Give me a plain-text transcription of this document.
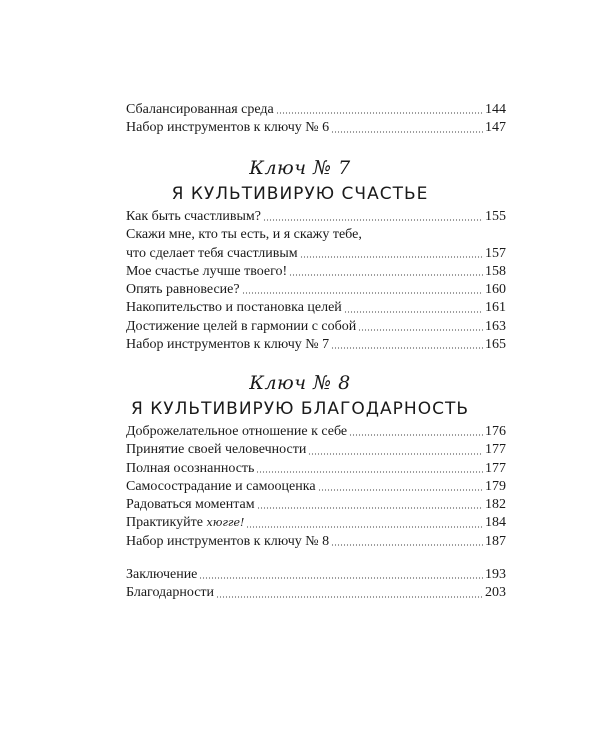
Сбалансированная среда	144
Набор инструментов к ключу № 6	147
Ключ № 7
Я КУЛЬТИВИРУЮ СЧАСТЬЕ
Как быть счастливым?	155
Скажи мне, кто ты есть, и я скажу тебе,
что сделает тебя счастливым	157
Мое счастье лучше твоего!	158
Опять равновесие?	160
Накопительство и постановка целей	161
Достижение целей в гармонии с собой	163
Набор инструментов к ключу № 7	165
Ключ № 8
Я КУЛЬТИВИРУЮ БЛАГОДАРНОСТЬ
Доброжелательное отношение к себе	176
Принятие своей человечности	177
Полная осознанность	177
Самосострадание и самооценка	179
Радоваться моментам	182
Практикуйте хюгге!	184
Набор инструментов к ключу № 8	187
Заключение	193
Благодарности	203
